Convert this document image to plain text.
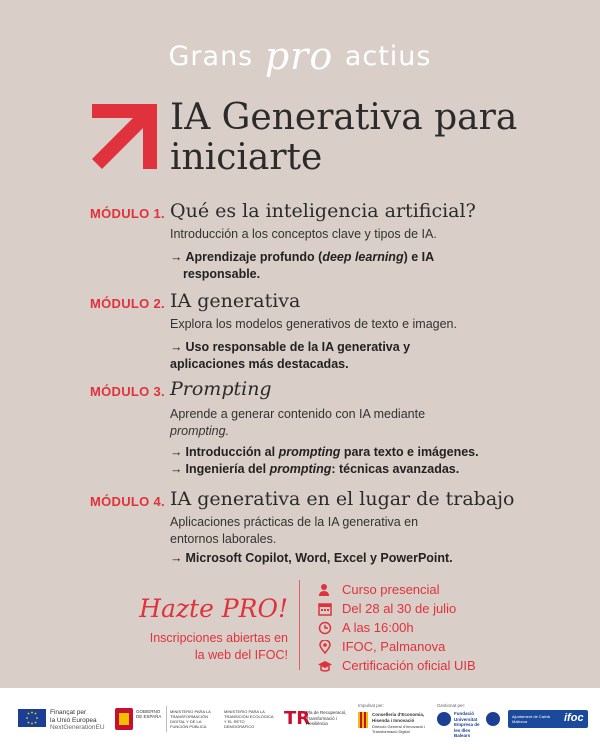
Grans pro actius
IA Generativa para
iniciarte
MÓDULO 1. Qué es la inteligencia artificial?
Introducción a los conceptos clave y tipos de IA.
→ Aprendizaje profundo (deep learning) e IA
responsable.
MÓDULO 2. IA generativa
Explora los modelos generativos de texto e imagen.
→ Uso responsable de la IA generativa y
aplicaciones más destacadas.
MÓDULO 3. Prompting
Aprende a generar contenido con IA mediante
prompting.
→ Introducción al prompting para texto e imágenes.
→ Ingeniería del prompting: técnicas avanzadas.
MÓDULO 4. IA generativa en el lugar de trabajo
Aplicaciones prácticas de la IA generativa en
entornos laborales.
→ Microsoft Copilot, Word, Excel y PowerPoint.
Hazte PRO!
Inscripciones abiertas en
la web del IFOC!
Curso presencial
Del 28 al 30 de julio
A las 16:00h
IFOC, Palmanova
Certificación oficial UIB
Finançat per
la Unió Europea
NextGenerationEU
GOBIERNO DE ESPAÑA
MINISTERIO PARA LA TRANSFORMACIÓN DIGITAL Y DE LA FUNCIÓN PÚBLICA
MINISTERIO PARA LA TRANSICIÓN ECOLÓGICA Y EL RETO DEMOGRÁFICO	TR
Pla de Recuperació, Transformació i Resiliència
Impulsat per:
Conselleria d'Economia, Hisenda i Innovació
Direcció General d'Innovació i Transformació Digital
Gestionat per:
Fundació Universitat Empresa de les Illes Balears
Ajuntament de Calvià Mallorca	ifoc
